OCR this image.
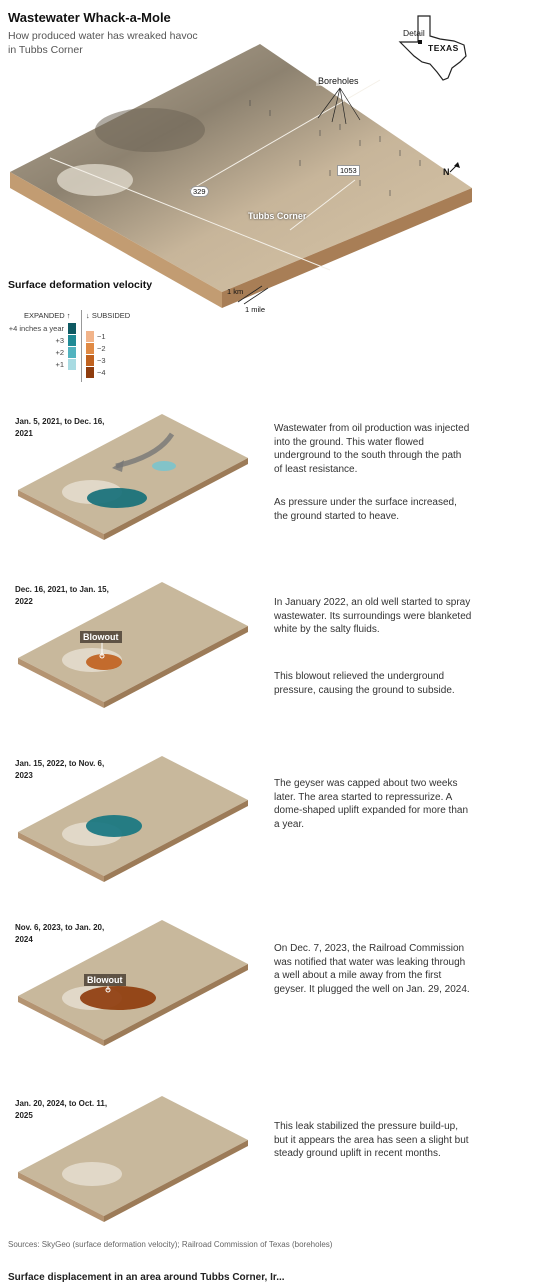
Wastewater Whack-a-Mole
How produced water has wreaked havoc in Tubbs Corner
Detail
TEXAS
Boreholes
Tubbs Corner
329
1053	N
1 km
1 mile
Surface deformation velocity
EXPANDED ↑ ↓ SUBSIDED
+4 inches a year
+3
+2
+1
−1
−2
−3
−4
Jan. 5, 2021, to Dec. 16, 2021	Wastewater from oil production was injected into the ground. This water flowed underground to the south through the path of least resistance.
As pressure under the surface increased, the ground started to heave.
Dec. 16, 2021, to Jan. 15, 2022
Blowout
In January 2022, an old well started to spray wastewater. Its surroundings were blanketed white by the salty fluids.
This blowout relieved the underground pressure, causing the ground to subside.
Jan. 15, 2022, to Nov. 6, 2023
The geyser was capped about two weeks later. The area started to repressurize. A dome-shaped uplift expanded for more than a year.
Nov. 6, 2023, to Jan. 20, 2024
Blowout
On Dec. 7, 2023, the Railroad Commission was notified that water was leaking through a well about a mile away from the first geyser. It plugged the well on Jan. 29, 2024.
Jan. 20, 2024, to Oct. 11, 2025
This leak stabilized the pressure build-up, but it appears the area has seen a slight but steady ground uplift in recent months.
Sources: SkyGeo (surface deformation velocity); Railroad Commission of Texas (boreholes)
Surface displacement in an area around Tubbs Corner, Ir...
